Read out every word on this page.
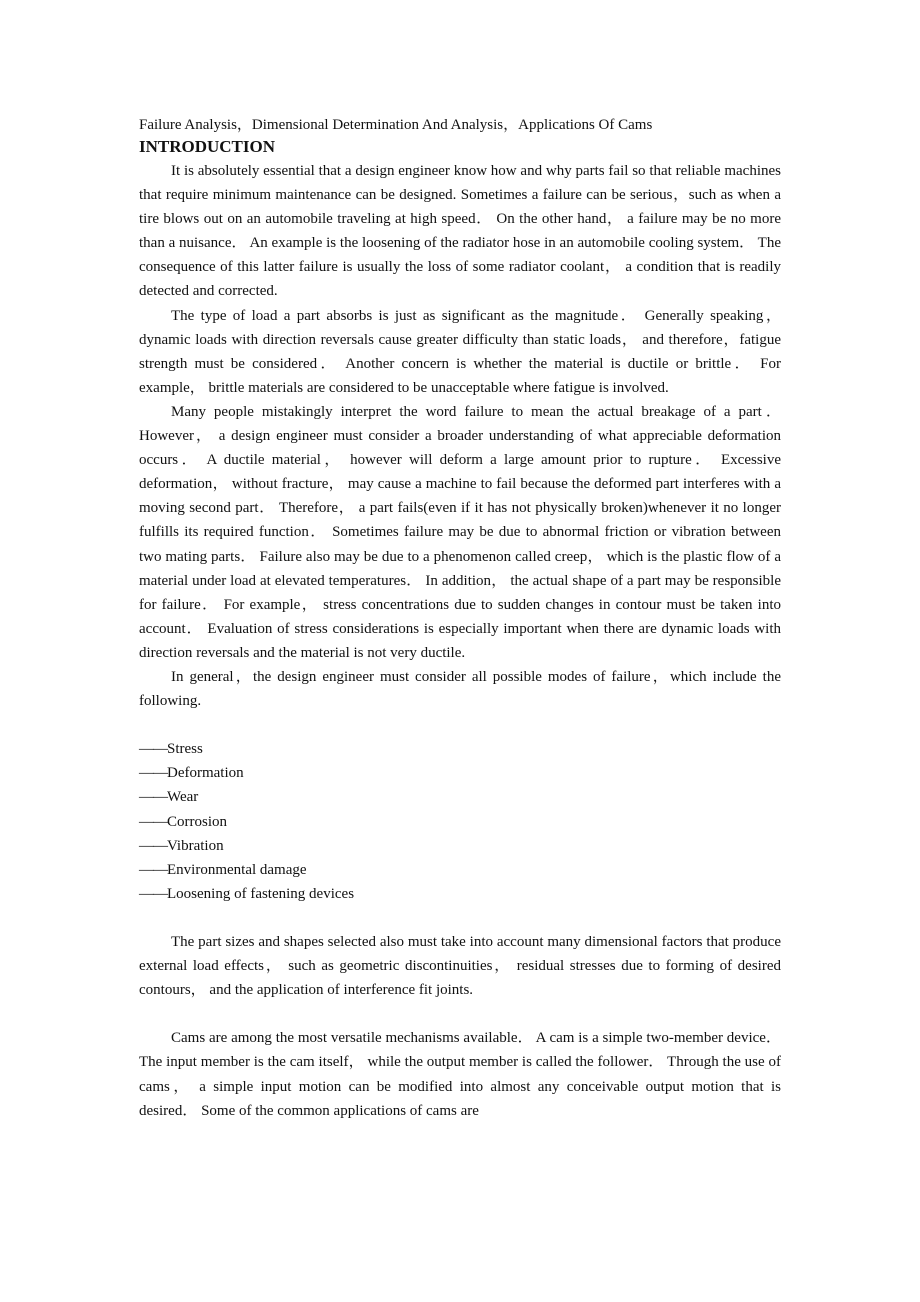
Failure Analysis，Dimensional Determination And Analysis，Applications Of Cams

INTRODUCTION

It is absolutely essential that a design engineer know how and why parts fail so that reliable machines that require minimum maintenance can be designed. Sometimes a failure can be serious，such as when a tire blows out on an automobile traveling at high speed． On the other hand， a failure may be no more than a nuisance． An example is the loosening of the radiator hose in an automobile cooling system． The consequence of this latter failure is usually the loss of some radiator coolant， a condition that is readily detected and corrected.

The type of load a part absorbs is just as significant as the magnitude． Generally speaking，dynamic loads with direction reversals cause greater difficulty than static loads， and therefore，fatigue strength must be considered． Another concern is whether the material is ductile or brittle． For example， brittle materials are considered to be unacceptable where fatigue is involved.

Many people mistakingly interpret the word failure to mean the actual breakage of a part． However， a design engineer must consider a broader understanding of what appreciable deformation occurs． A ductile material， however will deform a large amount prior to rupture． Excessive deformation， without fracture， may cause a machine to fail because the deformed part interferes with a moving second part． Therefore， a part fails(even if it has not physically broken)whenever it no longer fulfills its required function． Sometimes failure may be due to abnormal friction or vibration between two mating parts． Failure also may be due to a phenomenon called creep， which is the plastic flow of a material under load at elevated temperatures． In addition， the actual shape of a part may be responsible for failure． For example， stress concentrations due to sudden changes in contour must be taken into account． Evaluation of stress considerations is especially important when there are dynamic loads with direction reversals and the material is not very ductile.

In general，the design engineer must consider all possible modes of failure，which include the following.

——Stress
——Deformation
——Wear
——Corrosion
——Vibration
——Environmental damage
——Loosening of fastening devices

The part sizes and shapes selected also must take into account many dimensional factors that produce external load effects， such as geometric discontinuities， residual stresses due to forming of desired contours， and the application of interference fit joints.

Cams are among the most versatile mechanisms available． A cam is a simple two-member device． The input member is the cam itself， while the output member is called the follower． Through the use of cams， a simple input motion can be modified into almost any conceivable output motion that is desired． Some of the common applications of cams are
